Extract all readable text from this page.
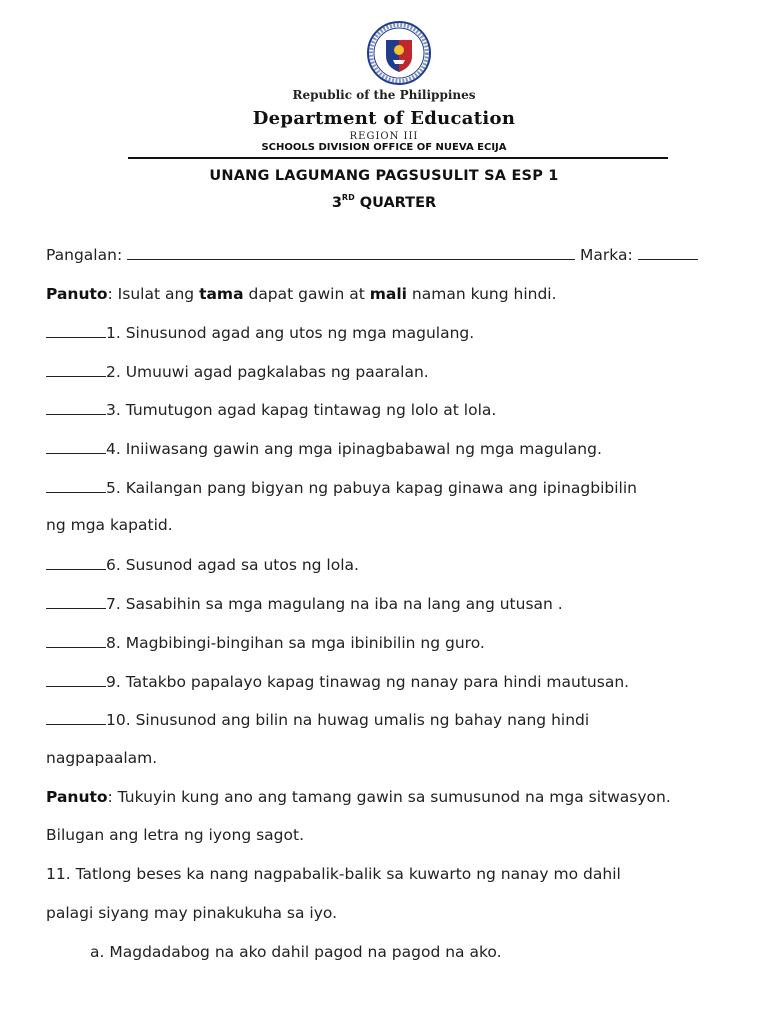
Republic of the Philippines
Department of Education
REGION III
SCHOOLS DIVISION OFFICE OF NUEVA ECIJA
UNANG LAGUMANG PAGSUSULIT SA ESP 1
3RD QUARTER
Pangalan:	Marka:
Panuto: Isulat ang tama dapat gawin at mali naman kung hindi.
1. Sinusunod agad ang utos ng mga magulang.
2. Umuuwi agad pagkalabas ng paaralan.
3. Tumutugon agad kapag tintawag ng lolo at lola.
4. Iniiwasang gawin ang mga ipinagbabawal ng mga magulang.
5. Kailangan pang bigyan ng pabuya kapag ginawa ang ipinagbibilin
ng mga kapatid.
6. Susunod agad sa utos ng lola.
7. Sasabihin sa mga magulang na iba na lang ang utusan .
8. Magbibingi-bingihan sa mga ibinibilin ng guro.
9. Tatakbo papalayo kapag tinawag ng nanay para hindi mautusan.
10. Sinusunod ang bilin na huwag umalis ng bahay nang hindi
nagpapaalam.
Panuto: Tukuyin kung ano ang tamang gawin sa sumusunod na mga sitwasyon.
Bilugan ang letra ng iyong sagot.
11. Tatlong beses ka nang nagpabalik-balik sa kuwarto ng nanay mo dahil
palagi siyang may pinakukuha sa iyo.
a. Magdadabog na ako dahil pagod na pagod na ako.
